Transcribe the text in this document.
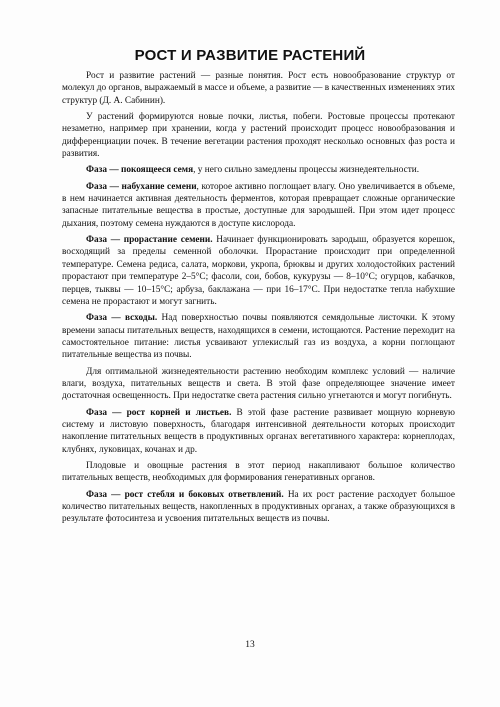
РОСТ И РАЗВИТИЕ РАСТЕНИЙ

Рост и развитие растений — разные понятия. Рост есть новообразование структур от молекул до органов, выражаемый в массе и объеме, а развитие — в качественных изменениях этих структур (Д. А. Сабинин).

У растений формируются новые почки, листья, побеги. Ростовые процессы протекают незаметно, например при хранении, когда у растений происходит процесс новообразования и дифференциации почек. В течение вегетации растения проходят несколько основных фаз роста и развития.

Фаза — покоящееся семя, у него сильно замедлены процессы жизнедеятельности.

Фаза — набухание семени, которое активно поглощает влагу. Оно увеличивается в объеме, в нем начинается активная деятельность ферментов, которая превращает сложные органические запасные питательные вещества в простые, доступные для зародышей. При этом идет процесс дыхания, поэтому семена нуждаются в доступе кислорода.

Фаза — прорастание семени. Начинает функционировать зародыш, образуется корешок, восходящий за пределы семенной оболочки. Прорастание происходит при определенной температуре. Семена редиса, салата, моркови, укропа, брюквы и других холодостойких растений прорастают при температуре 2–5°С; фасоли, сои, бобов, кукурузы — 8–10°С; огурцов, кабачков, перцев, тыквы — 10–15°С; арбуза, баклажана — при 16–17°С. При недостатке тепла набухшие семена не прорастают и могут загнить.

Фаза — всходы. Над поверхностью почвы появляются семядольные листочки. К этому времени запасы питательных веществ, находящихся в семени, истощаются. Растение переходит на самостоятельное питание: листья усваивают углекислый газ из воздуха, а корни поглощают питательные вещества из почвы.

Для оптимальной жизнедеятельности растению необходим комплекс условий — наличие влаги, воздуха, питательных веществ и света. В этой фазе определяющее значение имеет достаточная освещенность. При недостатке света растения сильно угнетаются и могут погибнуть.

Фаза — рост корней и листьев. В этой фазе растение развивает мощную корневую систему и листовую поверхность, благодаря интенсивной деятельности которых происходит накопление питательных веществ в продуктивных органах вегетативного характера: корнеплодах, клубнях, луковицах, кочанах и др.

Плодовые и овощные растения в этот период накапливают большое количество питательных веществ, необходимых для формирования генеративных органов.

Фаза — рост стебля и боковых ответвлений. На их рост растение расходует большое количество питательных веществ, накопленных в продуктивных органах, а также образующихся в результате фотосинтеза и усвоения питательных веществ из почвы.

13
